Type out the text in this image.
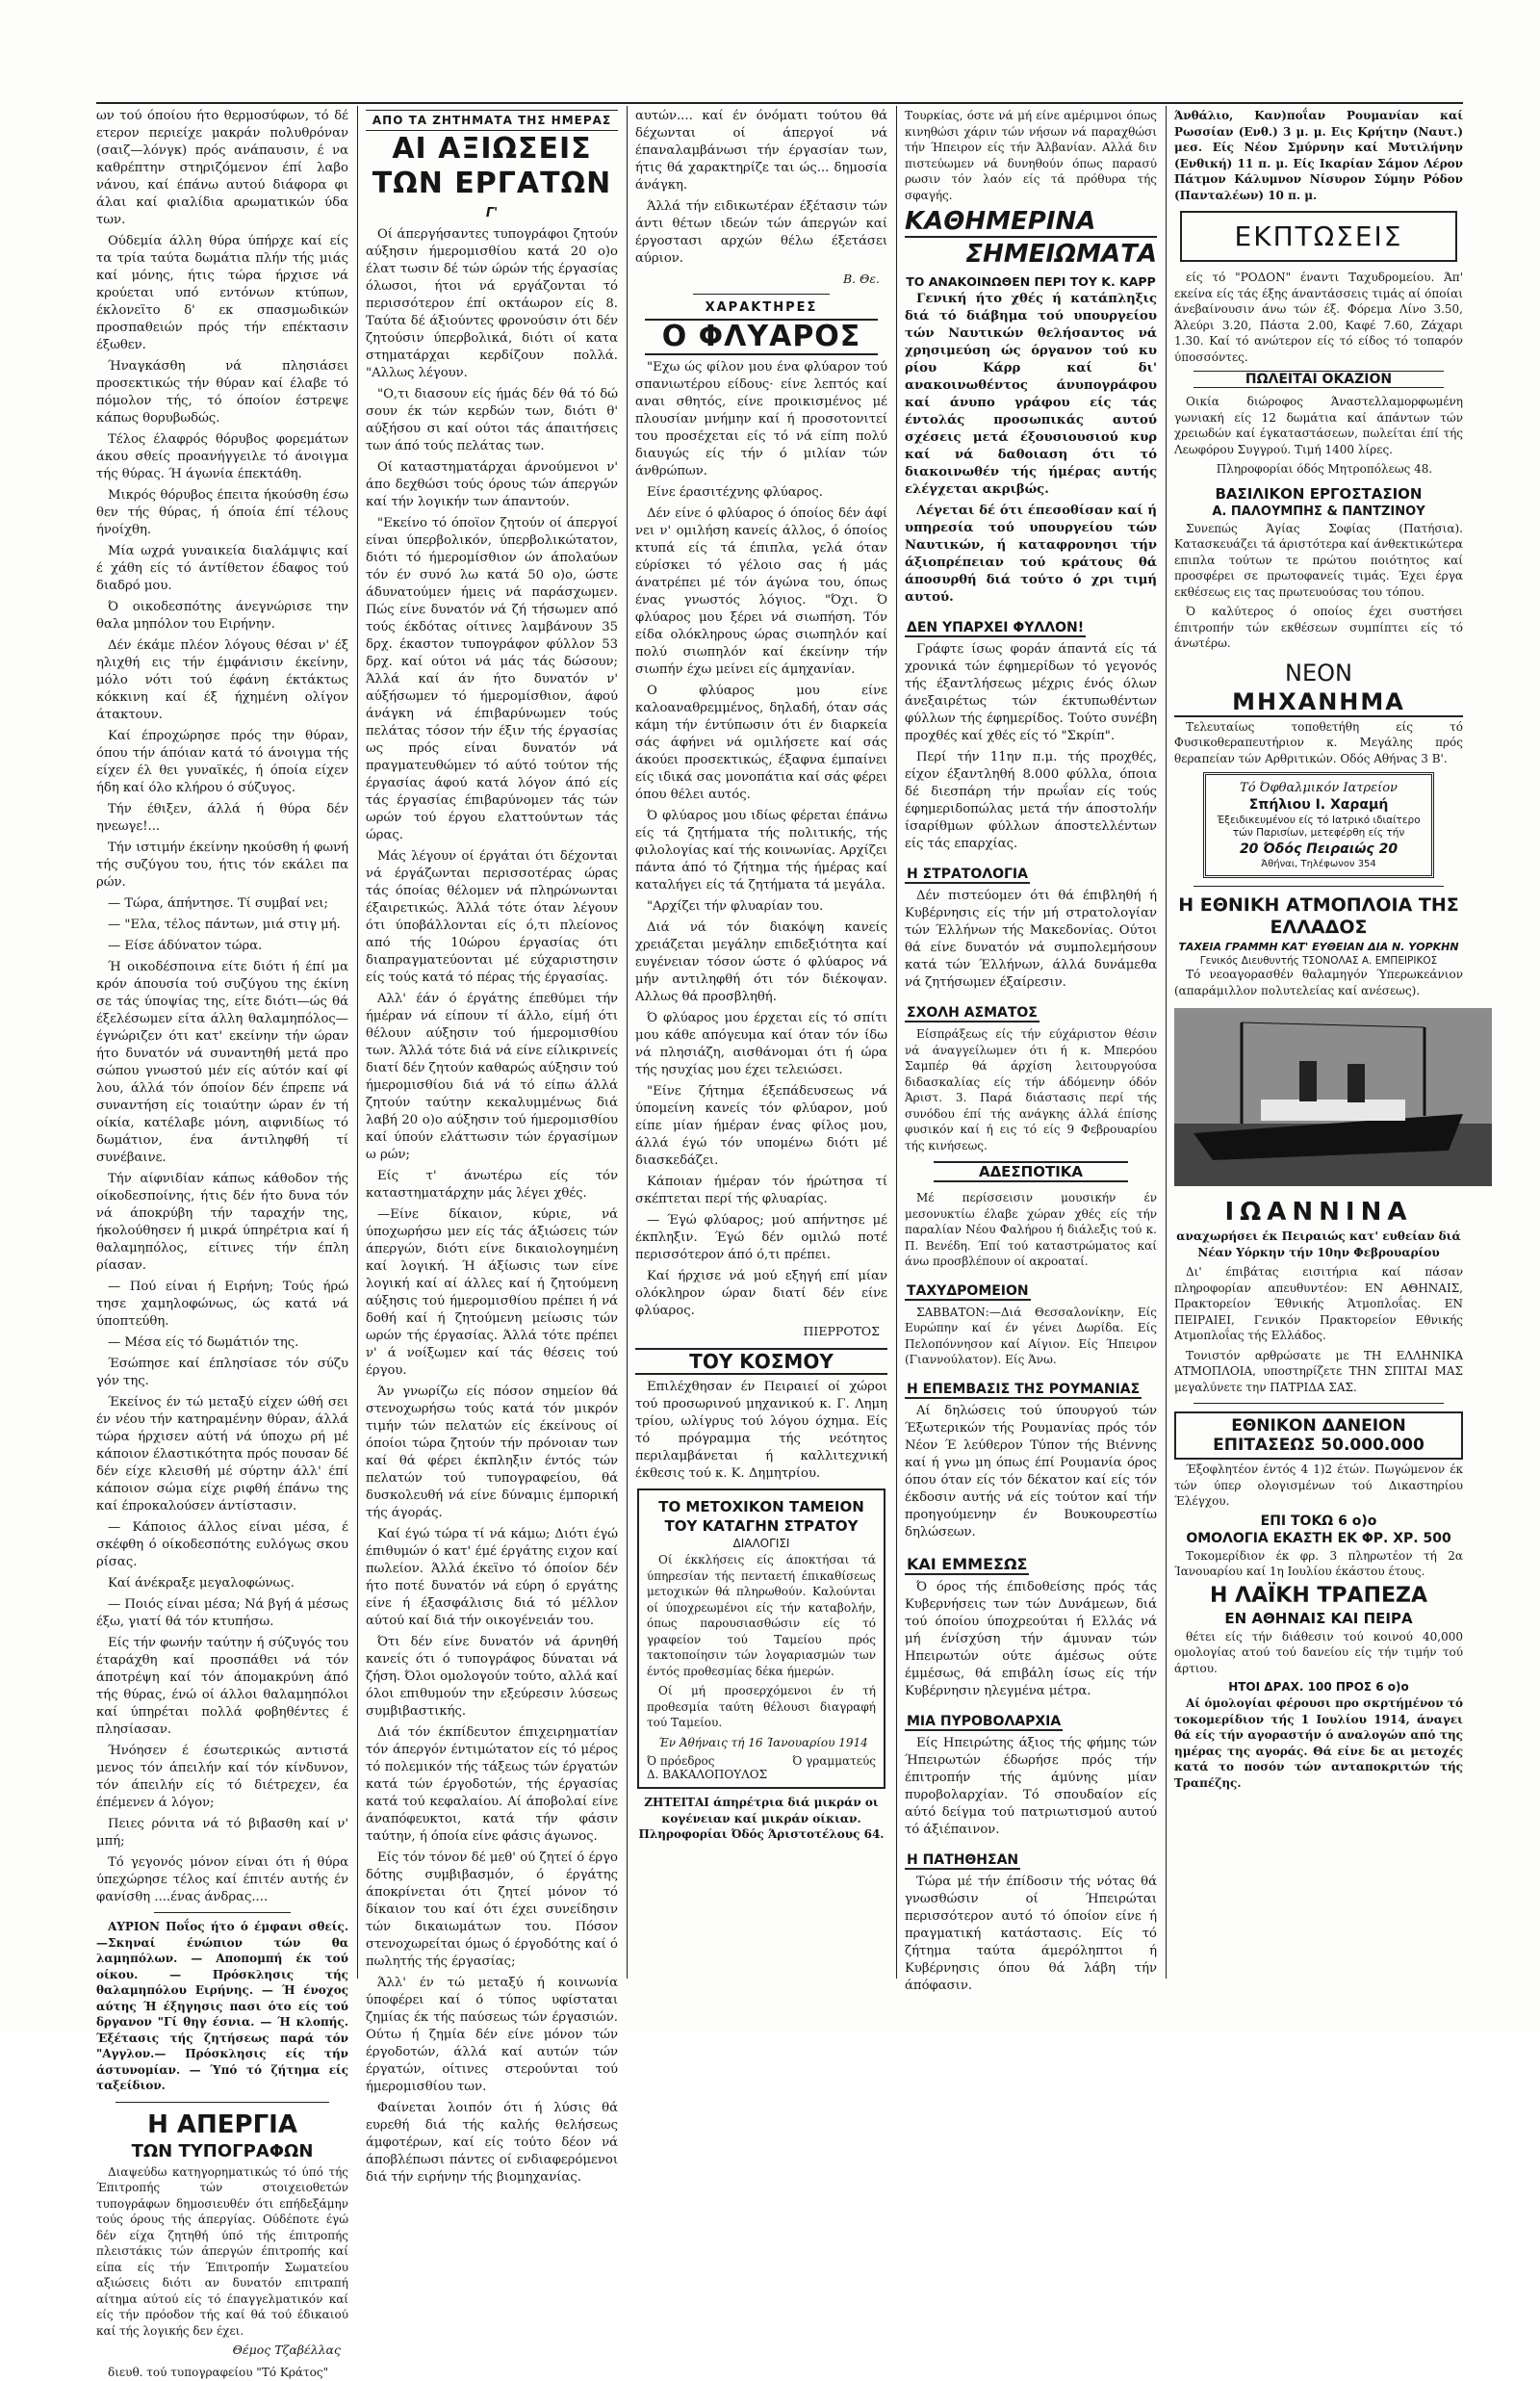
ων τού όποίου ήτο θερμοσύφων, τό δέ ετερον περιείχε μακράν πολυθρόναν (σαιζ—λόνγκ) πρός ανάπαυσιν, έ να καθρέπτην στηριζόμενον έπί λαβο νάνου, καί έπάνω αυτού διάφορα φι άλαι καί φιαλίδια αρωματικών ύδα των.

Ούδεμία άλλη θύρα ύπήρχε καί είς τα τρία ταύτα δωμάτια πλήν τής μιάς καί μόνης, ήτις τώρα ήρχισε νά κρούεται υπό εντόνων κτύπων, έκλονεϊτο δ' εκ σπασμωδικών προσπαθειών πρός τήν επέκτασιν έξωθεν.

Ήναγκάσθη νά πλησιάσει προσεκτικώς τήν θύραν καί έλαβε τό πόμολον τής, τό όποίον έστρεψε κάπως θορυβωδώς.

Τέλος έλαφρός θόρυβος φορεμάτων άκου σθείς προανήγγειλε τό άνοιγμα τής θύρας. Ή άγωνία έπεκτάθη.

Μικρός θόρυβος έπειτα ήκούσθη έσω θεν τής θύρας, ή όποία έπί τέλους ήνοίχθη.

Μία ωχρά γυναικεία διαλάμψις καί έ χάθη είς τό άντίθετον έδαφος τού διαδρό μου.

Ό οικοδεσπότης άνεγνώρισε την θαλα μηπόλον του Ειρήνην.

Δέν έκάμε πλέον λόγους θέσαι ν' έξ ηλιχθή εις τήν έμφάνισιν έκείνην, μόλο νότι τού έφάνη έκτάκτως κόκκινη καί έξ ήχημένη ολίγον άτακτουν.

Καί έπροχώρησε πρός την θύραν, όπου τήν άπόιαν κατά τό άνοιγμα τής είχεν έλ θει γυναϊκές, ή όποία είχεν ήδη καί όλο κλήρου ό σύζυγος.

Τήν έθιξεν, άλλά ή θύρα δέν ηνεωγε!...

Τήν ιστιμήν έκείνην ηκούσθη ή φωνή τής συζύγου του, ήτις τόν εκάλει πα ρών.

— Τώρα, άπήντησε. Τί συμβαί νει;

— "Ελα, τέλος πάντων, μιά στιγ μή.

— Είσε άδύνατον τώρα.

Ή οικοδέσποινα είτε διότι ή έπί μα κρόν άπουσία τού συζύγου της έκίνη σε τάς ύποψίας της, είτε διότι—ώς θά έξελέσωμεν είτα άλλη θαλαμηπόλος—έγνώριζεν ότι κατ' εκείνην τήν ώραν ήτο δυνατόν νά συναντηθή μετά προ σώπου γνωστού μέν είς αύτόν καί φί λου, άλλά τόν όποίον δέν έπρεπε νά συναντήση είς τοιαύτην ώραν έν τή οίκία, κατέλαβε μόνη, αιφνιδίως τό δωμάτιον, ένα άντιληφθή τί συνέβαινε.

Τήν αίφνιδίαν κάπως κάθοδον τής οίκοδεσποίνης, ήτις δέν ήτο δυνα τόν νά άποκρύβη τήν ταραχήν της, ήκολούθησεν ή μικρά ύπηρέτρια καί ή θαλαμηπόλος, είτινες τήν έπλη ρίασαν.

— Πού είναι ή Ειρήνη; Τούς ήρώ τησε χαμηλοφώνως, ώς κατά νά ύποπτεύθη.

— Μέσα είς τό δωμάτιόν της.

Έσώπησε καί έπλησίασε τόν σύζυ γόν της.

Έκείνος έν τώ μεταξύ είχεν ώθή σει έν νέου τήν κατηραμένην θύραν, άλλά τώρα ήρχισεν αύτή νά ύποχω ρή μέ κάποιον έλαστικότητα πρός πουσαν δέ δέν είχε κλεισθή μέ σύρτην άλλ' έπί κάποιον σώμα είχε ριφθή έπάνω της καί έπροκαλούσεν άντίστασιν.

— Κάποιος άλλος είναι μέσα, έ σκέφθη ό οίκοδεσπότης ευλόγως σκου ρίσας.

Καί άνέκραξε μεγαλοφώνως.

— Ποιός είναι μέσα; Νά βγή ά μέσως έξω, γιατί θά τόν κτυπήσω.

Είς τήν φωνήν ταύτην ή σύζυγός του έταράχθη καί προσπάθει νά τόν άποτρέψη καί τόν άπομακρύνη άπό τής θύρας, ένώ οί άλλοι θαλαμηπόλοι καί ύπηρέται πολλά φοβηθέντες έ πλησίασαν.

Ήνόησεν έ έσωτερικώς αντιστά μενος τόν άπειλήν καί τόν κίνδυνον, τόν άπειλήν είς τό διέτρεχεν, έα έπέμενεν ά λόγον;

Πειες ρόνιτα νά τό βιβασθη καί ν' μπή;

Τό γεγονός μόνον είναι ότι ή θύρα ύπεχώρησε τέλος καί έπιτέν αυτής έν φανίσθη ....ένας άνδρας....

ΑΥΡΙΟΝ Ποΐος ήτο ό έμφανι σθείς.—Σκηναί ένώπιον τών θα λαμηπόλων. — Αποπομπή έκ τού οίκου. — Πρόσκλησις τής θαλαμηπόλου Ειρήνης. — Ή ένοχος αύτης Ή έξηγησις πασι ότο είς τού δργανον "Γί θηγ έσνια. — Ή κλοπής. Έξέτασις τής ζητήσεως παρά τόν "Αγγλον.— Πρόσκλησις είς τήν άστυνομίαν. — Ύπό τό ζήτημα είς ταξείδιον.

Η ΑΠΕΡΓΙΑ
ΤΩΝ ΤΥΠΟΓΡΑΦΩΝ

Διαψεύδω κατηγορηματικώς τό ύπό τής Έπιτροπής τών στοιχειοθετών τυπογράφων δημοσιευθέν ότι επήδεξάμην τούς όρους τής άπεργίας. Ούδέποτε έγώ δέν είχα ζητηθή ύπό τής έπιτροπής πλειστάκις τών άπεργών έπιτροπής καί είπα είς τήν Έπιτροπήν Σωματείου αξιώσεις διότι αν δυνατόν επιτραπή αίτημα αύτού είς τό έπαγγελματικόν καί είς τήν πρόοδον τής καί θά τού έδικαιού καί τής λογικής δεν έχει.

Θέμος Τζαβέλλας

διευθ. τού τυπογραφείου "Τό Κράτος"

ΑΠΟ ΤΑ ΖΗΤΗΜΑΤΑ ΤΗΣ ΗΜΕΡΑΣ
ΑΙ ΑΞΙΩΣΕΙΣ
ΤΩΝ ΕΡΓΑΤΩΝ
Γ'

Οί άπεργήσαντες τυπογράφοι ζητούν αύξησιν ήμερομισθίου κατά 20 ο)ο έλατ τωσιν δέ τών ώρών τής έργασίας όλωσοι, ήτοι νά εργάζονται τό περισσότερον έπί οκτάωρον είς 8. Ταύτα δέ άξιούντες φρονούσιν ότι δέν ζητούσιν ύπερβολικά, διότι οί κατα στηματάρχαι κερδίζουν πολλά. "Αλλως λέγουν.

"Ο,τι διασουν είς ήμάς δέν θά τό δώ σουν έκ τών κερδών των, διότι θ' αύξήσου σι καί ούτοι τάς άπαιτήσεις των άπό τούς πελάτας των.

Οί καταστηματάρχαι άρνούμενοι ν' άπο δεχθώσι τούς όρους τών άπεργών καί τήν λογικήν των άπαντούν.

"Εκείνο τό όποϊον ζητούν οί άπεργοί είναι ύπερβολικόν, ύπερβολικώτατον, διότι τό ήμερομίσθιον ών άπολαύων τόν έν συνό λω κατά 50 ο)ο, ώστε άδυνατούμεν ήμεις νά παράσχωμεν. Πώς είνε δυνατόν νά ζή τήσωμεν από τούς έκδότας οίτινες λαμβάνουν 35 δρχ. έκαστον τυπογράφον φύλλον 53 δρχ. καί ούτοι νά μάς τάς δώσουν; Άλλά καί άν ήτο δυνατόν ν' αύξήσωμεν τό ήμερομίσθιον, άφού άνάγκη νά έπιβαρύνωμεν τούς πελάτας τόσον τήν έξιν τής έργασίας ως πρός είναι δυνατόν νά πραγματευθώμεν τό αύτό τούτον τής έργασίας άφού κατά λόγον άπό είς τάς έργασίας έπιβαρύνομεν τάς τών ωρών τού έργου ελαττούντων τάς ώρας.

Μάς λέγουν οί έργάται ότι δέχονται νά έργάζωνται περισσοτέρας ώρας τάς όποίας θέλομεν νά πληρώνωνται έξαιρετικώς. Άλλά τότε όταν λέγουν ότι ύποβάλλονται είς ό,τι πλείονος από τής 10ώρου έργασίας ότι διαπραγματεύονται μέ εύχαριστησιν είς τούς κατά τό πέρας τής έργασίας.

Αλλ' έάν ό έργάτης έπεθύμει τήν ήμέραν νά είπουν τί άλλο, είμή ότι θέλουν αύξησιν τού ήμερομισθίου των. Άλλά τότε διά νά είνε είλικρινείς διατί δέν ζητούν καθαρώς αύξησιν τού ήμερομισθίου διά νά τό είπω άλλά ζητούν ταύτην κεκαλυμμένως διά λαβή 20 ο)ο αύξησιν τού ήμερομισθίου καί ύπούν ελάττωσιν τών έργασίμων ω ρών;

Είς τ' άνωτέρω είς τόν καταστηματάρχην μάς λέγει χθές.

—Είνε δίκαιον, κύριε, νά ύποχωρήσω μεν είς τάς άξιώσεις τών άπεργών, διότι είνε δικαιολογημένη καί λογική. Ή άξίωσις των είνε λογική καί αί άλλες καί ή ζητούμενη αύξησις τού ήμερομισθίου πρέπει ή νά δοθή καί ή ζητούμενη μείωσις τών ωρών τής έργασίας. Άλλά τότε πρέπει ν' ά νοίξωμεν καί τάς θέσεις τού έργου.

Άν γνωρίζω είς πόσον σημείον θά στενοχωρήσω τούς κατά τόν μικρόν τιμήν τών πελατών είς έκείνους οί όποίοι τώρα ζητούν τήν πρόνοιαν των καί θά φέρει έκπληξιν έντός τών πελατών τού τυπογραφείου, θά δυσκολευθή νά είνε δύναμις έμπορική τής άγοράς.

Καί έγώ τώρα τί νά κάμω; Διότι έγώ έπιθυμών ό κατ' έμέ έργάτης ειχον καί πωλείον. Άλλά έκεϊνο τό όποίον δέν ήτο ποτέ δυνατόν νά εύρη ό εργάτης είνε ή έξασφάλισις διά τό μέλλον αύτού καί διά τήν οικογένειάν του.

Ότι δέν είνε δυνατόν νά άρνηθή κανείς ότι ό τυπογράφος δύναται νά ζήση. Όλοι ομολογούν τούτο, αλλά καί όλοι επιθυμούν την εξεύρεσιν λύσεως συμβιβαστικής.

Διά τόν έκπίδευτον έπιχειρηματίαν τόν άπεργόν έντιμώτατον είς τό μέρος τό πολεμικόν τής τάξεως τών έργατών κατά τών έργοδοτών, τής έργασίας κατά τού κεφαλαίου. Αί άποβολαί είνε άναπόφευκτοι, κατά τήν φάσιν ταύτην, ή όποία είνε φάσις άγωνος.

Είς τόν τόνον δέ μεθ' ού ζητεί ό έργο δότης συμβιβασμόν, ό έργάτης άποκρίνεται ότι ζητεί μόνον τό δίκαιον του καί ότι έχει συνείδησιν τών δικαιωμάτων του. Πόσον στενοχωρείται όμως ό έργοδότης καί ό πωλητής τής έργασίας;

Άλλ' έν τώ μεταξύ ή κοινωνία ύποφέρει καί ό τύπος υφίσταται ζημίας έκ τής παύσεως τών έργασιών. Ούτω ή ζημία δέν είνε μόνον τών έργοδοτών, άλλά καί αυτών τών έργατών, οίτινες στερούνται τού ήμερομισθίου των.

Φαίνεται λοιπόν ότι ή λύσις θά ευρεθή διά τής καλής θελήσεως άμφοτέρων, καί είς τούτο δέον νά άποβλέπωσι πάντες οί ενδιαφερόμενοι διά τήν ειρήνην τής βιομηχανίας.

αυτών.... καί έν όνόματι τούτου θά δέχωνται οί άπεργοί νά έπαναλαμβάνωσι τήν έργασίαν των, ήτις θά χαρακτηρίζε ται ώς... δημοσία άνάγκη.

Άλλά τήν ειδικωτέραν έξέτασιν τών άντι θέτων ιδεών τών άπεργών καί έργοστασι αρχών θέλω έξετάσει αύριον.

Β. Θε.

ΧΑΡΑΚΤΗΡΕΣ
Ο ΦΛΥΑΡΟΣ

"Εχω ώς φίλον μου ένα φλύαρον τού σπανιωτέρου είδους· είνε λεπτός καί αναι σθητός, είνε προικισμένος μέ πλουσίαν μνήμην καί ή προσοτονιτεί του προσέχεται είς τό νά είπη πολύ διαυγώς είς τήν ό μιλίαν τών άνθρώπων.

Είνε έρασιτέχνης φλύαρος.

Δέν είνε ό φλύαρος ό όποίος δέν άφί νει ν' ομιλήση κανείς άλλος, ό όποίος κτυπά είς τά έπιπλα, γελά όταν εύρίσκει τό γέλοιο σας ή μάς άνατρέπει μέ τόν άγώνα του, όπως ένας γνωστός λόγιος. "Όχι. Ό φλύαρος μου ξέρει νά σιωπήση. Τόν είδα ολόκληρους ώρας σιωπηλόν καί πολύ σιωπηλόν καί έκείνην τήν σιωπήν έχω μείνει είς άμηχανίαν.

Ο φλύαρος μου είνε καλοαναθρεμμένος, δηλαδή, όταν σάς κάμη τήν έντύπωσιν ότι έν διαρκεία σάς άφήνει νά ομιλήσετε καί σάς άκούει προσεκτικώς, έξαφνα έμπαίνει είς ιδικά σας μονοπάτια καί σάς φέρει όπου θέλει αυτός.

Ό φλύαρος μου ιδίως φέρεται έπάνω είς τά ζητήματα τής πολιτικής, τής φιλολογίας καί τής κοινωνίας. Αρχίζει πάντα άπό τό ζήτημα τής ήμέρας καί καταλήγει είς τά ζητήματα τά μεγάλα.

"Αρχίζει τήν φλυαρίαν του.

Διά νά τόν διακόψη κανείς χρειάζεται μεγάλην επιδεξιότητα καί ευγένειαν τόσον ώστε ό φλύαρος νά μήν αντιληφθή ότι τόν διέκοψαν. Αλλως θά προσβληθή.

Ό φλύαρος μου έρχεται είς τό σπίτι μου κάθε απόγευμα καί όταν τόν ίδω νά πλησιάζη, αισθάνομαι ότι ή ώρα τής ησυχίας μου έχει τελειώσει.

"Είνε ζήτημα έξεπάδευσεως νά ύπομείνη κανείς τόν φλύαρον, μού είπε μίαν ήμέραν ένας φίλος μου, άλλά έγώ τόν υπομένω διότι μέ διασκεδάζει.

Κάποιαν ήμέραν τόν ήρώτησα τί σκέπτεται περί τής φλυαρίας.

— Έγώ φλύαρος; μού απήντησε μέ έκπληξιν. Έγώ δέν ομιλώ ποτέ περισσότερον άπό ό,τι πρέπει.

Καί ήρχισε νά μού εξηγή επί μίαν ολόκληρον ώραν διατί δέν είνε φλύαρος.

ΠΙΕΡΡΟΤΟΣ

ΤΟΥ ΚΟΣΜΟΥ

Επιλέχθησαν έν Πειραιεί οί χώροι τού προσωρινού μηχανικού κ. Γ. Λημη τρίου, ωλίγρυς τού λόγου όχημα. Είς τό πρόγραμμα τής νεότητος περιλαμβάνεται ή καλλιτεχνική έκθεσις τού κ. Κ. Δημητρίου.

ΤΟ ΜΕΤΟΧΙΚΟΝ ΤΑΜΕΙΟΝ
ΤΟΥ ΚΑΤΑΓΗΝ ΣΤΡΑΤΟΥ
ΔΙΑΛΟΓΙΣΙ

Οί έκκλήσεις είς άποκτήσαι τά ύπηρεσίαν τής πενταετή έπικαθίσεως μετοχικών θά πληρωθούν. Καλούνται οί ύποχρεωμένοι είς τήν καταβολήν, όπως παρουσιασθώσιν είς τό γραφείον τού Ταμείου πρός τακτοποίησιν τών λογαριασμών των έντός προθεσμίας δέκα ήμερών.

Οί μή προσερχόμενοι έν τή προθεσμία ταύτη θέλουσι διαγραφή τού Ταμείου.

Έν Άθήναις τή 16 Ίανουαρίου 1914

Ό πρόεδρος
Δ. ΒΑΚΑΛΟΠΟΥΛΟΣ
Ό γραμματεύς

ΖΗΤΕΙΤΑΙ άπηρέτρια διά μικράν οι κογένειαν καί μικράν οίκιαν. Πληροφορίαι Όδός Άριστοτέλους 64.

Τουρκίας, όστε νά μή είνε αμέριμνοι όπως κινηθώσι χάριν τών νήσων νά παραχθώσι τήν Ήπειρον είς τήν Άλβανίαν. Αλλά διν πιστεύωμεν νά δυνηθούν όπως παρασύ ρωσιν τόν λαόν είς τά πρόθυρα τής σφαγής.

ΚΑΘΗΜΕΡΙΝΑ
ΣΗΜΕΙΩΜΑΤΑ
ΤΟ ΑΝΑΚΟΙΝΩΘΕΝ ΠΕΡΙ ΤΟΥ Κ. ΚΑΡΡ

Γενική ήτο χθές ή κατάπληξις διά τό διάβημα τού υπουργείου τών Ναυτικών θελήσαντος νά χρησιμεύση ώς όργανον τού κυ ρίου Κάρρ καί δι' ανακοινωθέντος άνυπογράφου καί άνυπο γράφου είς τάς έντολάς προσωπικάς αυτού σχέσεις μετά έξουσιουσιού κυρ καί νά δαθοιαση ότι τό διακοινωθέν τής ήμέρας αυτής ελέγχεται ακριβώς.

Λέγεται δέ ότι έπεσοθίσαν καί ή υπηρεσία τού υπουργείου τών Ναυτικών, ή καταφρονησι τήν άξιοπρέπειαν τού κράτους θά άποσυρθή διά τούτο ό χρι τιμή αυτού.

ΔΕΝ ΥΠΑΡΧΕΙ ΦΥΛΛΟΝ!

Γράφτε ίσως φοράν άπαντά είς τά χρονικά τών έφημερίδων τό γεγονός τής έξαντλήσεως μέχρις ένός όλων άνεξαιρέτως τών έκτυπωθέντων φύλλων τής έφημερίδος. Τούτο συνέβη προχθές καί χθές είς τό "Σκρίπ".

Περί τήν 11ην π.μ. τής προχθές, είχον έξαντληθή 8.000 φύλλα, όποια δέ διεσπάρη τήν πρωΐαν είς τούς έφημεριδοπώλας μετά τήν άποστολήν ίσαρίθμων φύλλων άποστελλέντων είς τάς επαρχίας.

Η ΣΤΡΑΤΟΛΟΓΙΑ

Δέν πιστεύομεν ότι θά έπιβληθή ή Κυβέρνησις είς τήν μή στρατολογίαν τών Έλλήνων τής Μακεδονίας. Ούτοι θά είνε δυνατόν νά συμπολεμήσουν κατά τών Έλλήνων, άλλά δυνάμεθα νά ζητήσωμεν έξαίρεσιν.

ΣΧΟΛΗ ΑΣΜΑΤΟΣ

Είσπράξεως είς τήν εύχάριστον θέσιν νά άναγγείλωμεν ότι ή κ. Μπερόου Σαμπέρ θά άρχίση λειτουργούσα διδασκαλίας είς τήν άδόμενην όδόν Άριστ. 3. Παρά διάστασις περί τής συνόδου έπί τής ανάγκης άλλά έπίσης φυσικόν καί ή εις τό είς 9 Φεβρουαρίου τής κινήσεως.

ΑΔΕΣΠΟΤΙΚΑ

Μέ περίσσεισιν μουσικήν έν μεσονυκτίω έλαβε χώραν χθές είς τήν παραλίαν Νέου Φαλήρου ή διάλεξις τού κ. Π. Βενέδη. Έπί τού καταστρώματος καί άνω προσβλέπουν οί ακροαταί.

ΤΑΧΥΔΡΟΜΕΙΟΝ

ΣΑΒΒΑΤΟΝ:—Διά Θεσσαλονίκην, Είς Ευρώπην καί έν γένει Δωρίδα. Είς Πελοπόννησον καί Αίγιον. Είς Ήπειρον (Γιαννούλατον). Είς Άνω.

Η ΕΠΕΜΒΑΣΙΣ ΤΗΣ ΡΟΥΜΑΝΙΑΣ

Αί δηλώσεις τού ύπουργού τών Έξωτερικών τής Ρουμανίας πρός τόν Νέον Έ λεύθερον Τύπον τής Βιέννης καί ή γνω μη όπως έπί Ρουμανία όρος όπου όταν είς τόν δέκατον καί είς τόν έκδοσιν αυτής νά είς τούτον καί τήν προηγούμενην έν Βουκουρεστίω δηλώσεων.

ΚΑΙ ΕΜΜΕΣΩΣ

Ό όρος τής έπιδοθείσης πρός τάς Κυβερνήσεις των τών Δυνάμεων, διά τού όποίου ύποχρεούται ή Ελλάς νά μή ένίσχύση τήν άμυναν τών Ηπειρωτών ούτε άμέσως ούτε έμμέσως, θά επιβάλη ίσως είς τήν Κυβέρνησιν ηλεγμένα μέτρα.

ΜΙΑ ΠΥΡΟΒΟΛΑΡΧΙΑ

Είς Ηπειρώτης άξιος τής φήμης τών Ήπειρωτών έδωρήσε πρός τήν έπιτροπήν τής άμύνης μίαν πυροβολαρχίαν. Τό σπουδαίον είς αύτό δείγμα τού πατριωτισμού αυτού τό άξιέπαινον.

Η ΠΑΤΗΘΗΣΑΝ

Τώρα μέ τήν έπίδοσιν τής νότας θά γνωσθώσιν οί Ήπειρώται περισσότερον αυτό τό όποίον είνε ή πραγματική κατάστασις. Είς τό ζήτημα ταύτα άμερόληπτοι ή Κυβέρνησις όπου θά λάβη τήν άπόφασιν.

Άνθάλιο, Καν)ποΐαν Ρουμανίαν καί Ρωσσίαν (Ενθ.) 3 μ. μ. Εις Κρήτην (Ναυτ.) μεσ. Είς Νέον Σμύρνην καί Μυτιλήνην (Ενθική) 11 π. μ. Είς Ικαρίαν Σάμον Λέρον Πάτμον Κάλυμνον Νίσυρον Σύμην Ρόδον (Πανταλέων) 10 π. μ.

ΕΚΠΤΩΣΕΙΣ

είς τό "ΡΟΔΟΝ" έναντι Ταχυδρομείου. Άπ' εκείνα είς τάς έξης άναντάσσεις τιμάς αί όποίαι άνεβαίνουσιν άνω τών έξ. Φόρεμα Λίνο 3.50, Άλεύρι 3.20, Πάστα 2.00, Καφέ 7.60, Ζάχαρι 1.30. Καί τό ανώτερον είς τό είδος τό τοπαρόν ύποσσόντες.

ΠΩΛΕΙΤΑΙ ΟΚΑΖΙΟΝ

Οικία διώροφος Άναστελλαμορφωμένη γωνιακή είς 12 δωμάτια καί άπάντων τών χρειωδών καί έγκαταστάσεων, πωλείται έπί τής Λεωφόρου Συγγρού. Τιμή 1400 λίρες.

Πληροφορίαι όδός Μητροπόλεως 48.

ΒΑΣΙΛΙΚΟΝ ΕΡΓΟΣΤΑΣΙΟΝ
Α. ΠΑΛΟΥΜΠΗΣ & ΠΑΝΤΖΙΝΟΥ

Συνεπώς Άγίας Σοφίας (Πατήσια). Κατασκευάζει τά άριστότερα καί άνθεκτικώτερα επιπλα τούτων τε πρώτου ποιότητος καί προσφέρει σε πρωτοφανείς τιμάς. Έχει έργα εκθέσεως εις τας πρωτευούσας του τόπου.

Ό καλύτερος ό οποίος έχει συστήσει έπιτροπήν τών εκθέσεων συμπίπτει είς τό άνωτέρω.

ΝΕΟΝ
ΜΗΧΑΝΗΜΑ

Τελευταίως τοποθετήθη είς τό Φυσικοθεραπευτήριον κ. Μεγάλης πρός θεραπείαν τών Αρθριτικών. Οδός Αθήνας 3 Β'.

Τό Όφθαλμικόν Ιατρείον
Σπήλιου Ι. Χαραμή
Έξειδικευμένου είς τό Ιατρικό ιδιαίτερο τών Παρισίων, μετεφέρθη είς τήν
20 Όδός Πειραιώς 20
Άθήναι, Τηλέφωνον 354
Η ΕΘΝΙΚΗ ΑΤΜΟΠΛΟΙΑ ΤΗΣ ΕΛΛΑΔΟΣ
ΤΑΧΕΙΑ ΓΡΑΜΜΗ ΚΑΤ' ΕΥΘΕΙΑΝ ΔΙΑ Ν. ΥΟΡΚΗΝ
Γενικός Διευθυντής ΤΣΟΝΟΛΑΣ Α. ΕΜΠΕΙΡΙΚΟΣ

Τό νεοαγορασθέν θαλαμηγόν Ύπερωκεάνιον (απαράμιλλον πολυτελείας καί ανέσεως).

ΙΩΑΝΝΙΝΑ

αναχωρήσει έκ Πειραιώς κατ' ευθείαν διά Νέαν Υόρκην τήν 10ην Φεβρουαρίου

Δι' έπιβάτας εισιτήρια καί πάσαν πληροφορίαν απευθυντέον: ΕΝ ΑΘΗΝΑΙΣ, Πρακτορείον Έθνικής Άτμοπλοΐας. ΕΝ ΠΕΙΡΑΙΕΙ, Γενικόν Πρακτορείον Εθνικής Ατμοπλοΐας τής Ελλάδος.

Τονιστόν αρθρώσατε με ΤΗ ΕΛΛΗΝΙΚΑ ΑΤΜΟΠΛΟΙΑ, υποστηρίζετε ΤΗΝ ΣΠΙΤΑΙ ΜΑΣ μεγαλύνετε την ΠΑΤΡΙΔΑ ΣΑΣ.

ΕΘΝΙΚΟΝ ΔΑΝΕΙΟΝ ΕΠΙΤΑΣΕΩΣ 50.000.000

Έξοφλητέον έντός 4 1)2 έτών. Πωγώμενον έκ τών ύπερ ολογισμένων τού Δικαστηρίου Έλέγχου.

ΕΠΙ ΤΟΚΩ 6 ο)ο
ΟΜΟΛΟΓΙΑ ΕΚΑΣΤΗ ΕΚ ΦΡ. ΧΡ. 500

Τοκομερίδιον έκ φρ. 3 πληρωτέον τή 2α Ίανουαρίου καί 1η Ιουλίου έκάστου έτους.

Η ΛΑΪΚΗ ΤΡΑΠΕΖΑ
ΕΝ ΑΘΗΝΑΙΣ ΚΑΙ ΠΕΙΡΑ

θέτει είς τήν διάθεσιν τού κοινού 40,000 ομολογίας ατού τού δανείου είς τήν τιμήν τού άρτιου.

ΗΤΟΙ ΔΡΑΧ. 100 ΠΡΟΣ 6 ο)ο

Αί όμολογίαι φέρουσι προ σκρτήμένον τό τοκομερίδιον τής 1 Ιουλίου 1914, άναγει θά είς τήν αγοραστήν ό αναλογών από της ημέρας της αγοράς. Θά είνε δε αι μετοχές κατά το ποσόν τών ανταποκριτών τής Τραπέζης.
